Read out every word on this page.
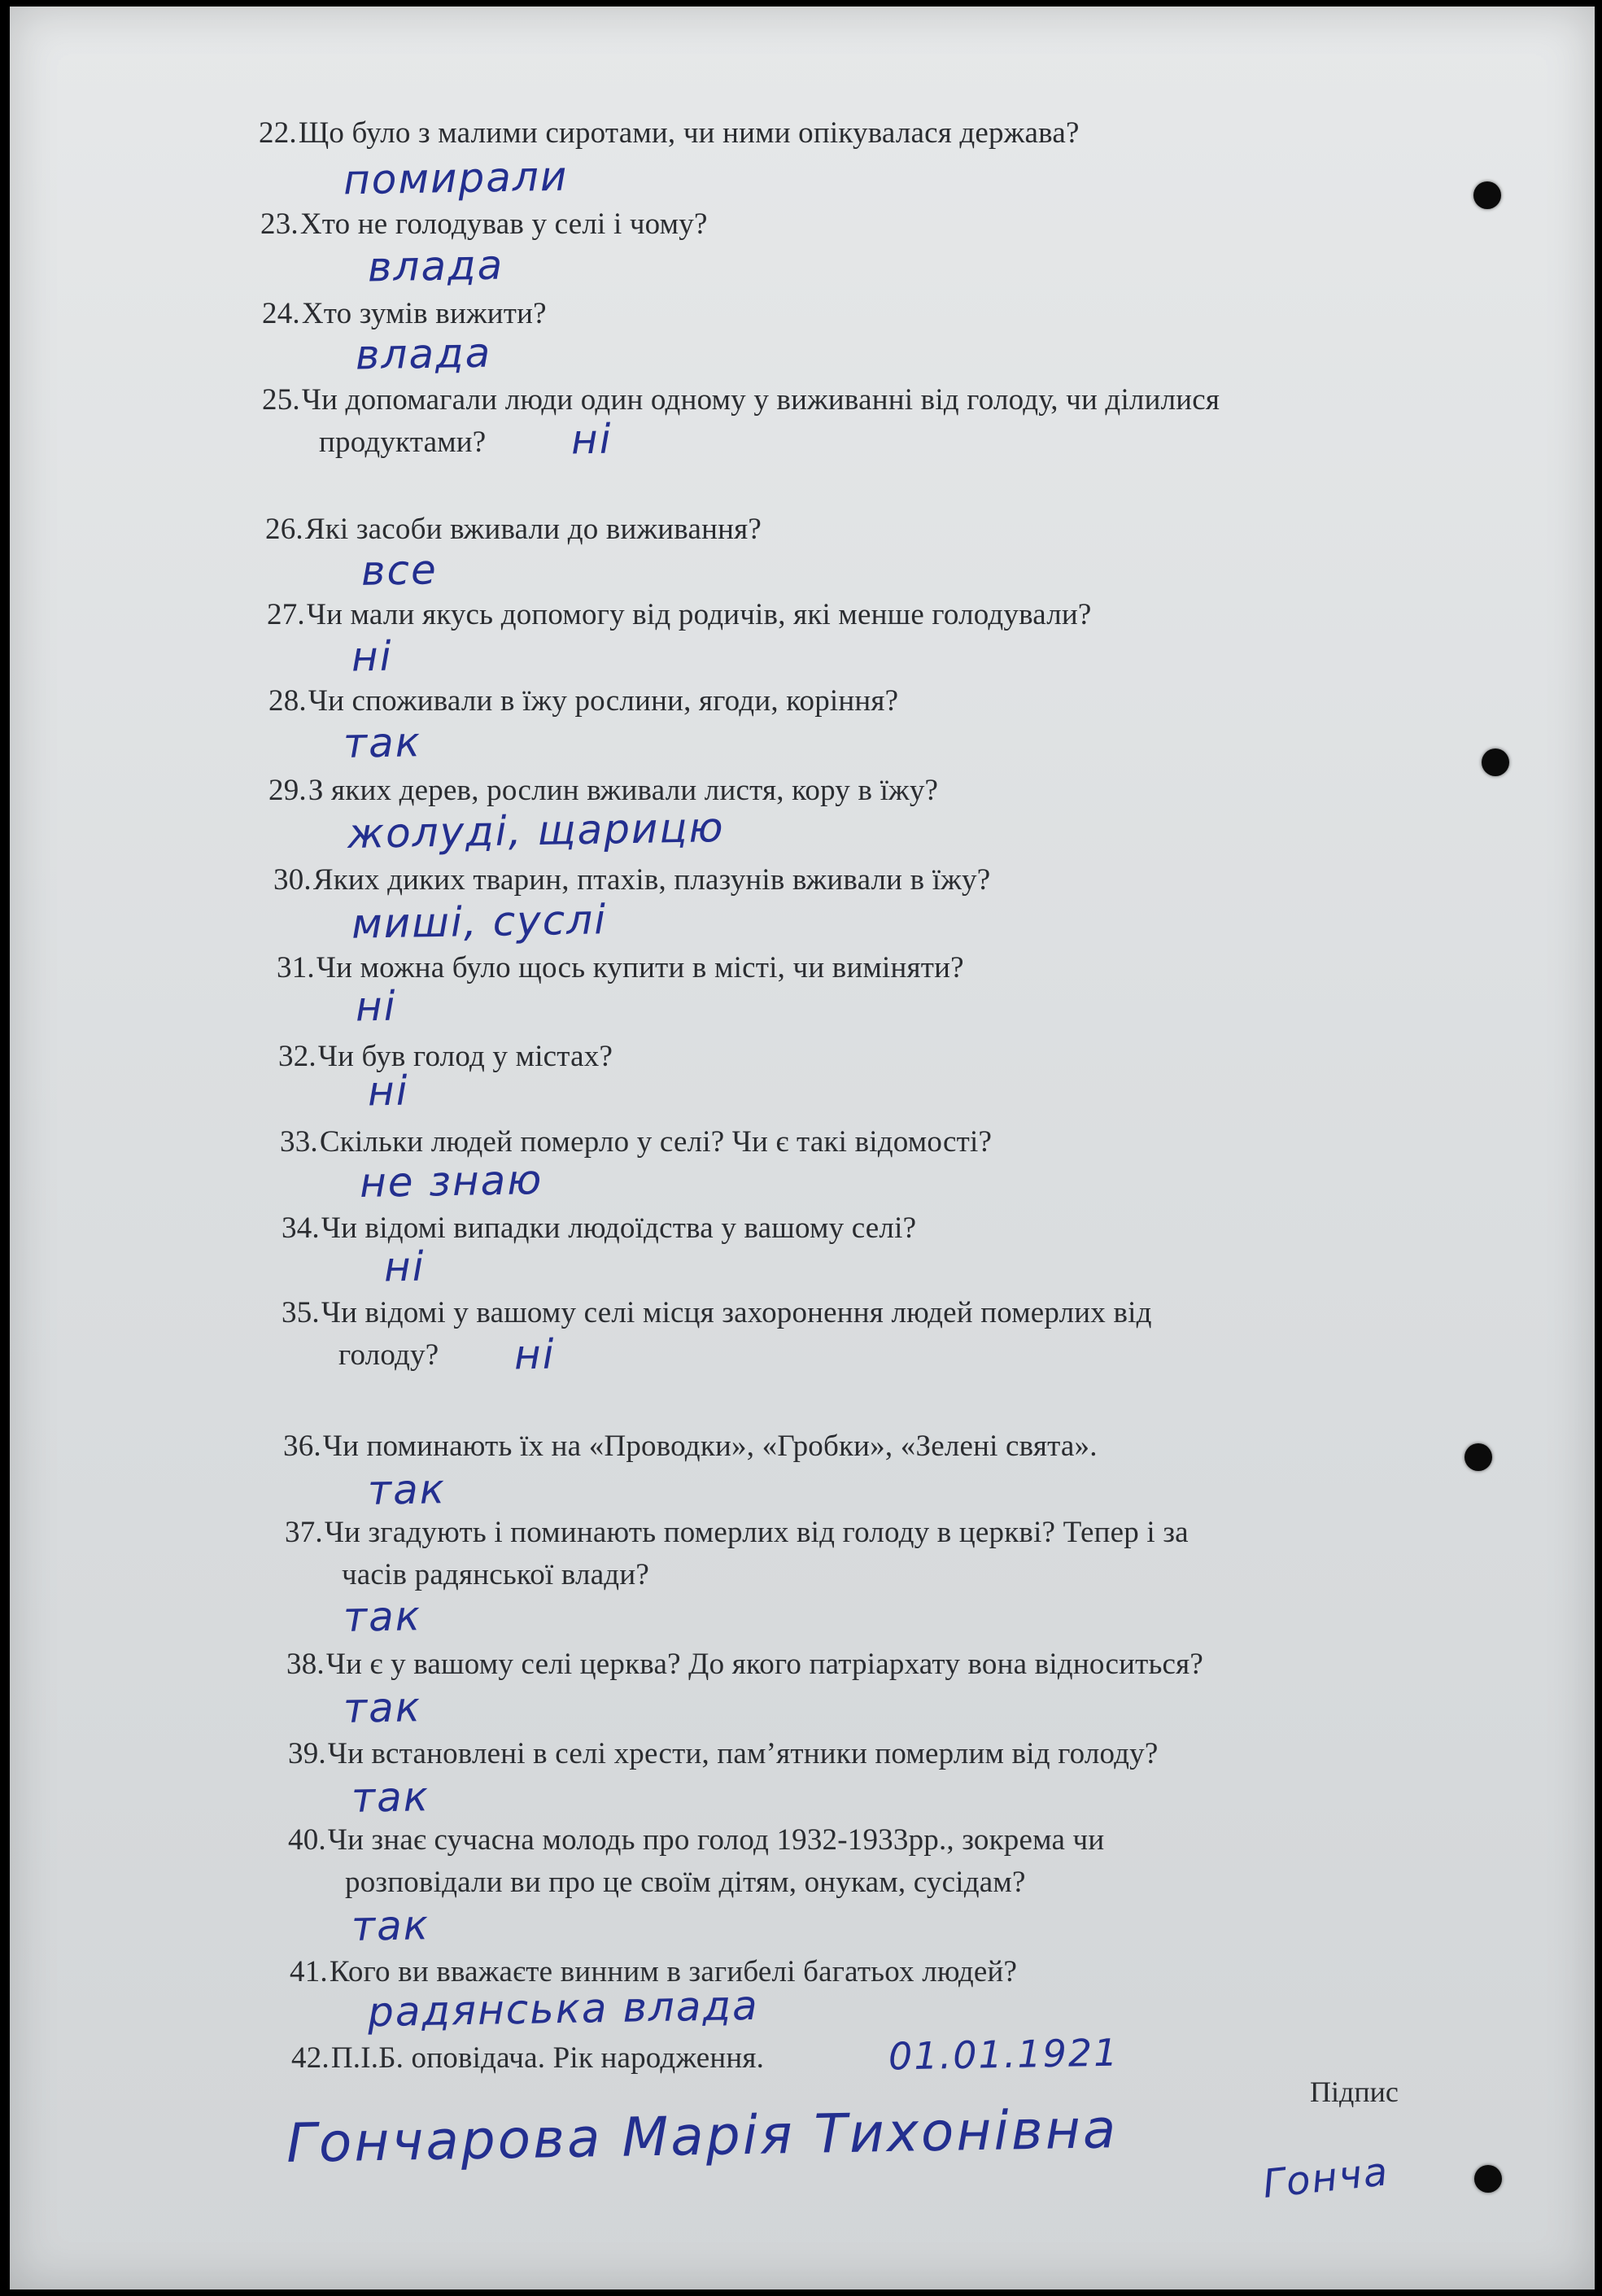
22.Що було з малими сиротами, чи ними опікувалася держава?
помирали
23.Хто не голодував у селі і чому?
влада
24.Хто зумів вижити?
влада
25.Чи допомагали люди один одному у виживанні від голоду, чи ділилися
продуктами?	ні
26.Які засоби вживали до виживання?
все
27.Чи мали якусь допомогу від родичів, які менше голодували?
ні
28.Чи споживали в їжу рослини, ягоди, коріння?
так
29.З яких дерев, рослин вживали листя, кору в їжу?
жолуді, щарицю
30.Яких диких тварин, птахів, плазунів вживали в їжу?
миші, суслі
31.Чи можна було щось купити в місті, чи виміняти?
ні
32.Чи був голод у містах?
ні
33.Скільки людей померло у селі? Чи є такі відомості?
не знаю
34.Чи відомі випадки людоїдства у вашому селі?
ні
35.Чи відомі у вашому селі місця захоронення людей померлих від
голоду?	ні
36.Чи поминають їх на «Проводки», «Гробки», «Зелені свята».
так
37.Чи згадують і поминають померлих від голоду в церкві? Тепер і за
часів радянської влади?
так
38.Чи є у вашому селі церква? До якого патріархату вона відноситься?
так
39.Чи встановлені в селі хрести, пам’ятники померлим від голоду?
так
40.Чи знає сучасна молодь про голод 1932-1933рр., зокрема чи
розповідали ви про це своїм дітям, онукам, сусідам?
так
41.Кого ви вважаєте винним в загибелі багатьох людей?
радянська влада
42.П.І.Б. оповідача. Рік народження.	01.01.1921
Підпис
Гончарова Марія Тихонівна
Гонча
